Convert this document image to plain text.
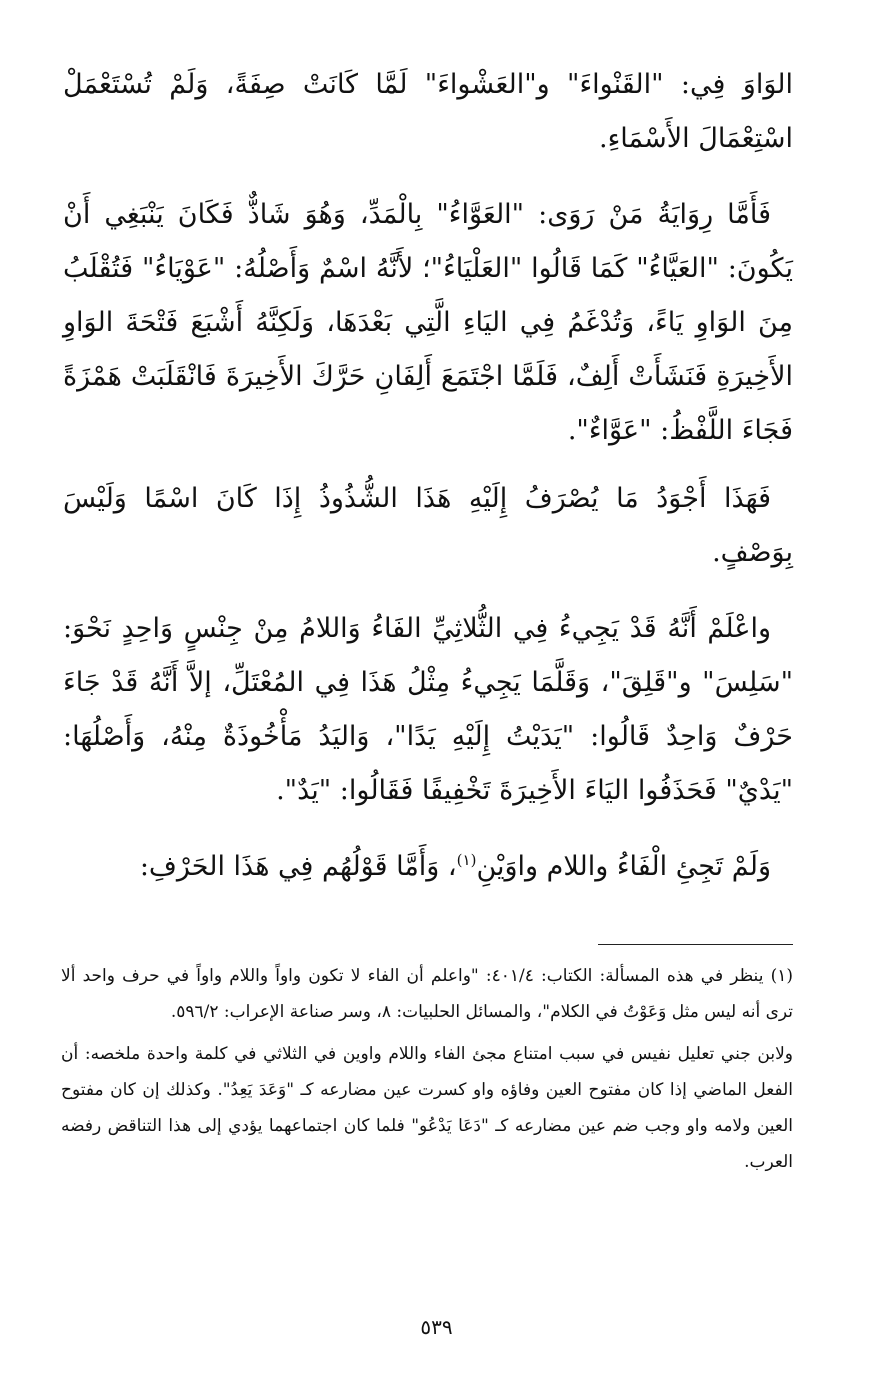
الوَاوَ فِي: "القَنْواءَ" و"العَشْواءَ" لَمَّا كَانَتْ صِفَةً، وَلَمْ تُسْتَعْمَلْ اسْتِعْمَالَ الأَسْمَاءِ.

فَأَمَّا رِوَايَةُ مَنْ رَوَى: "العَوَّاءُ" بِالْمَدِّ، وَهُوَ شَاذٌّ فَكَانَ يَنْبَغِي أَنْ يَكُونَ: "العَيَّاءُ" كَمَا قَالُوا "العَلْيَاءُ"؛ لأَنَّهُ اسْمٌ وَأَصْلُهُ: "عَوْيَاءُ" فَتُقْلَبُ مِنَ الوَاوِ يَاءً، وَتُدْغَمُ فِي اليَاءِ الَّتِي بَعْدَهَا، وَلَكِنَّهُ أَشْبَعَ فَتْحَةَ الوَاوِ الأَخِيرَةِ فَنَشَأَتْ أَلِفٌ، فَلَمَّا اجْتَمَعَ أَلِفَانِ حَرَّكَ الأَخِيرَةَ فَانْقَلَبَتْ هَمْزَةً فَجَاءَ اللَّفْظُ: "عَوَّاءٌ".

فَهَذَا أَجْوَدُ مَا يُصْرَفُ إِلَيْهِ هَذَا الشُّذُوذُ إِذَا كَانَ اسْمًا وَلَيْسَ بِوَصْفٍ.

واعْلَمْ أَنَّهُ قَدْ يَجِيءُ فِي الثُّلاثِيِّ الفَاءُ وَاللامُ مِنْ جِنْسٍ وَاحِدٍ نَحْوَ: "سَلِسَ" و"قَلِقَ"، وَقَلَّمَا يَجِيءُ مِثْلُ هَذَا فِي المُعْتَلِّ، إلاَّ أَنَّهُ قَدْ جَاءَ حَرْفٌ وَاحِدٌ قَالُوا: "يَدَيْتُ إِلَيْهِ يَدًا"، وَاليَدُ مَأْخُوذَةٌ مِنْهُ، وَأَصْلُهَا: "يَدْيٌ" فَحَذَفُوا اليَاءَ الأَخِيرَةَ تَخْفِيفًا فَقَالُوا: "يَدٌ".

وَلَمْ تَجِئِ الْفَاءُ واللام واوَيْنِ$^{(١)}$، وَأَمَّا قَوْلُهُم فِي هَذَا الحَرْفِ:

(١) ينظر في هذه المسألة: الكتاب: ٤٠١/٤: "واعلم أن الفاء لا تكون واواً واللام واواً في حرف واحد ألا ترى أنه ليس مثل وَعَوْتُ في الكلام"، والمسائل الحلبيات: ٨، وسر صناعة الإعراب: ٥٩٦/٢.

ولابن جني تعليل نفيس في سبب امتناع مجئ الفاء واللام واوين في الثلاثي في كلمة واحدة ملخصه: أن الفعل الماضي إذا كان مفتوح العين وفاؤه واو كسرت عين مضارعه كـ "وَعَدَ يَعِدُ". وكذلك إن كان مفتوح العين ولامه واو وجب ضم عين مضارعه كـ "دَعَا يَدْعُو" فلما كان اجتماعهما يؤدي إلى هذا التناقض رفضه العرب.

٥٣٩
